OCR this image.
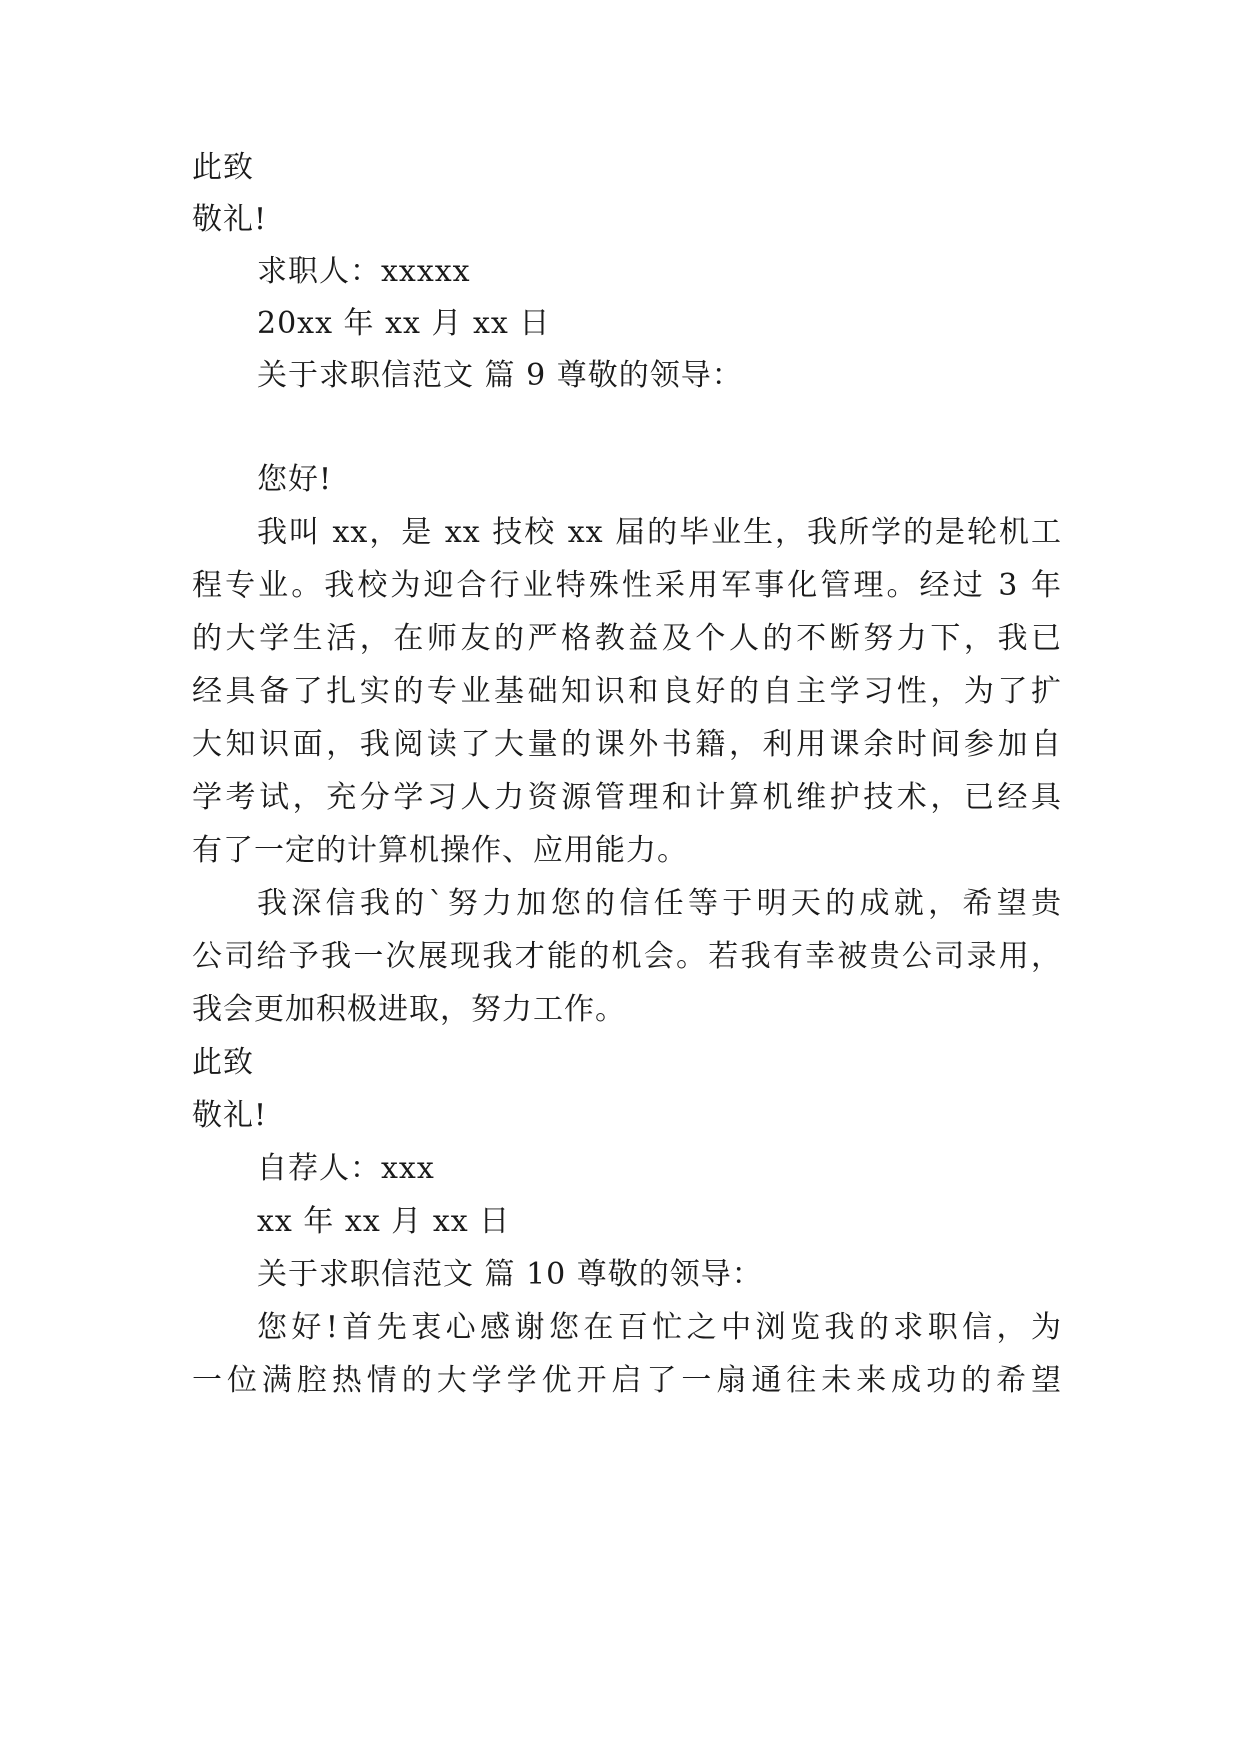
此致
敬礼!
求职人：xxxxx
20xx 年 xx 月 xx 日
关于求职信范文 篇 9 尊敬的领导：
您好!
我叫 xx，是 xx 技校 xx 届的毕业生，我所学的是轮机工
程专业。我校为迎合行业特殊性采用军事化管理。经过 3 年
的大学生活，在师友的严格教益及个人的不断努力下，我已
经具备了扎实的专业基础知识和良好的自主学习性，为了扩
大知识面，我阅读了大量的课外书籍，利用课余时间参加自
学考试，充分学习人力资源管理和计算机维护技术，已经具
有了一定的计算机操作、应用能力。
我深信我的`努力加您的信任等于明天的成就，希望贵
公司给予我一次展现我才能的机会。若我有幸被贵公司录用，
我会更加积极进取，努力工作。
此致
敬礼!
自荐人：xxx
xx 年 xx 月 xx 日
关于求职信范文 篇 10 尊敬的领导：
您好!首先衷心感谢您在百忙之中浏览我的求职信，为
一位满腔热情的大学学优开启了一扇通往未来成功的希望
